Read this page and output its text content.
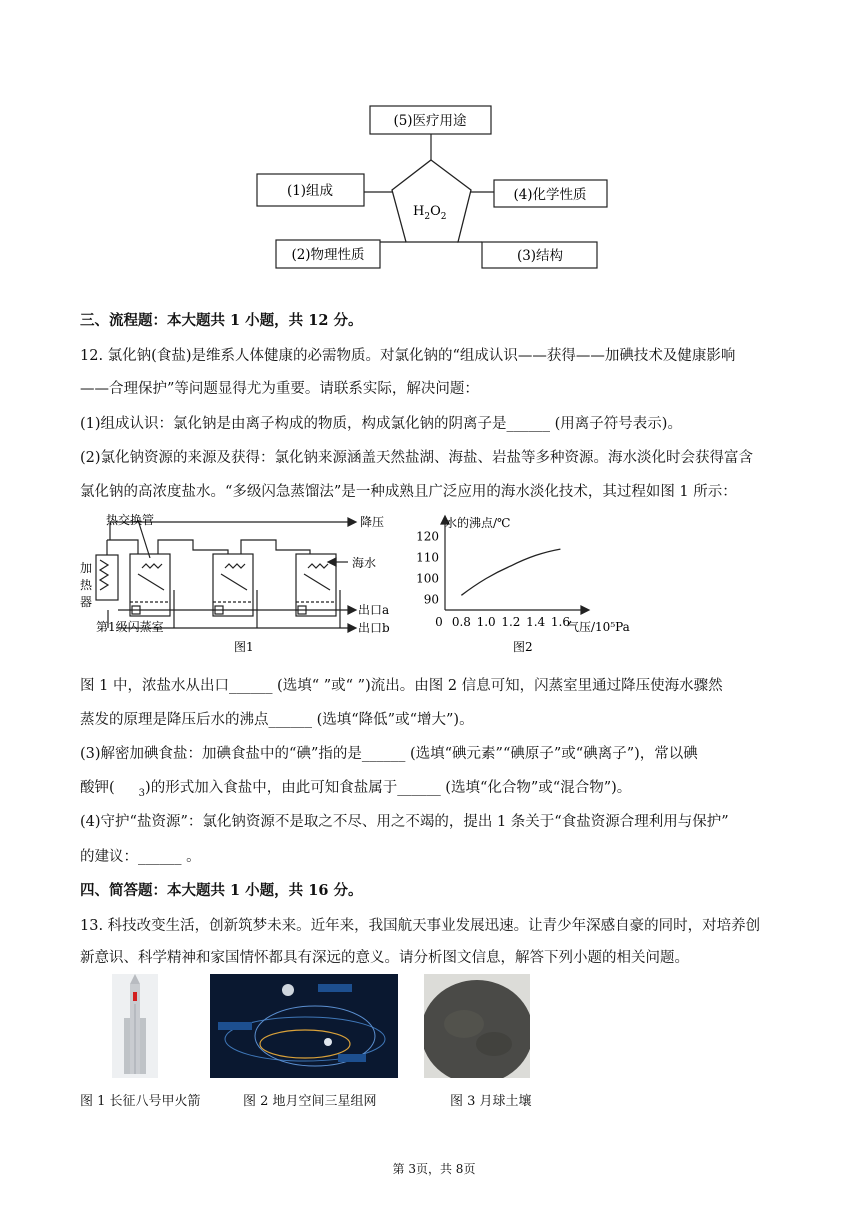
$H_2O_2$
(5)医疗用途
(1)组成	(4)化学性质
(2)物理性质	(3)结构
三、流程题：本大题共 1 小题，共 12 分。
12. 氯化钠(食盐)是维系人体健康的必需物质。对氯化钠的“组成认识——获得——加碘技术及健康影响
——合理保护”等问题显得尤为重要。请联系实际，解决问题：
(1)组成认识：氯化钠是由离子构成的物质，构成氯化钠的阴离子是______ (用离子符号表示)。
(2)氯化钠资源的来源及获得：氯化钠来源涵盖天然盐湖、海盐、岩盐等多种资源。海水淡化时会获得富含
氯化钠的高浓度盐水。“多级闪急蒸馏法”是一种成熟且广泛应用的海水淡化技术，其过程如图 1 所示：
热交换管	降压
海水
加
热
器
出口a
出口b
第1级闪蒸室
图1
0 0.8 1.0 1.2 1.4 1.6
90
100
110
120
水的沸点/℃
气压/10⁵Pa
图2
图 1 中，浓盐水从出口______ (选填“ ”或“ ”)流出。由图 2 信息可知，闪蒸室里通过降压使海水骤然
蒸发的原理是降压后水的沸点______ (选填“降低”或“增大”)。
(3)解密加碘食盐：加碘食盐中的“碘”指的是______ (选填“碘元素”“碘原子”或“碘离子”)，常以碘
酸钾( $_3$)的形式加入食盐中，由此可知食盐属于______ (选填“化合物”或“混合物”)。
(4)守护“盐资源”：氯化钠资源不是取之不尽、用之不竭的，提出 1 条关于“食盐资源合理利用与保护”
的建议：______ 。
四、简答题：本大题共 1 小题，共 16 分。
13. 科技改变生活，创新筑梦未来。近年来，我国航天事业发展迅速。让青少年深感自豪的同时，对培养创
新意识、科学精神和家国情怀都具有深远的意义。请分析图文信息，解答下列小题的相关问题。
图 1 长征八号甲火箭	图 2 地月空间三星组网	图 3 月球土壤
第 3页，共 8页
